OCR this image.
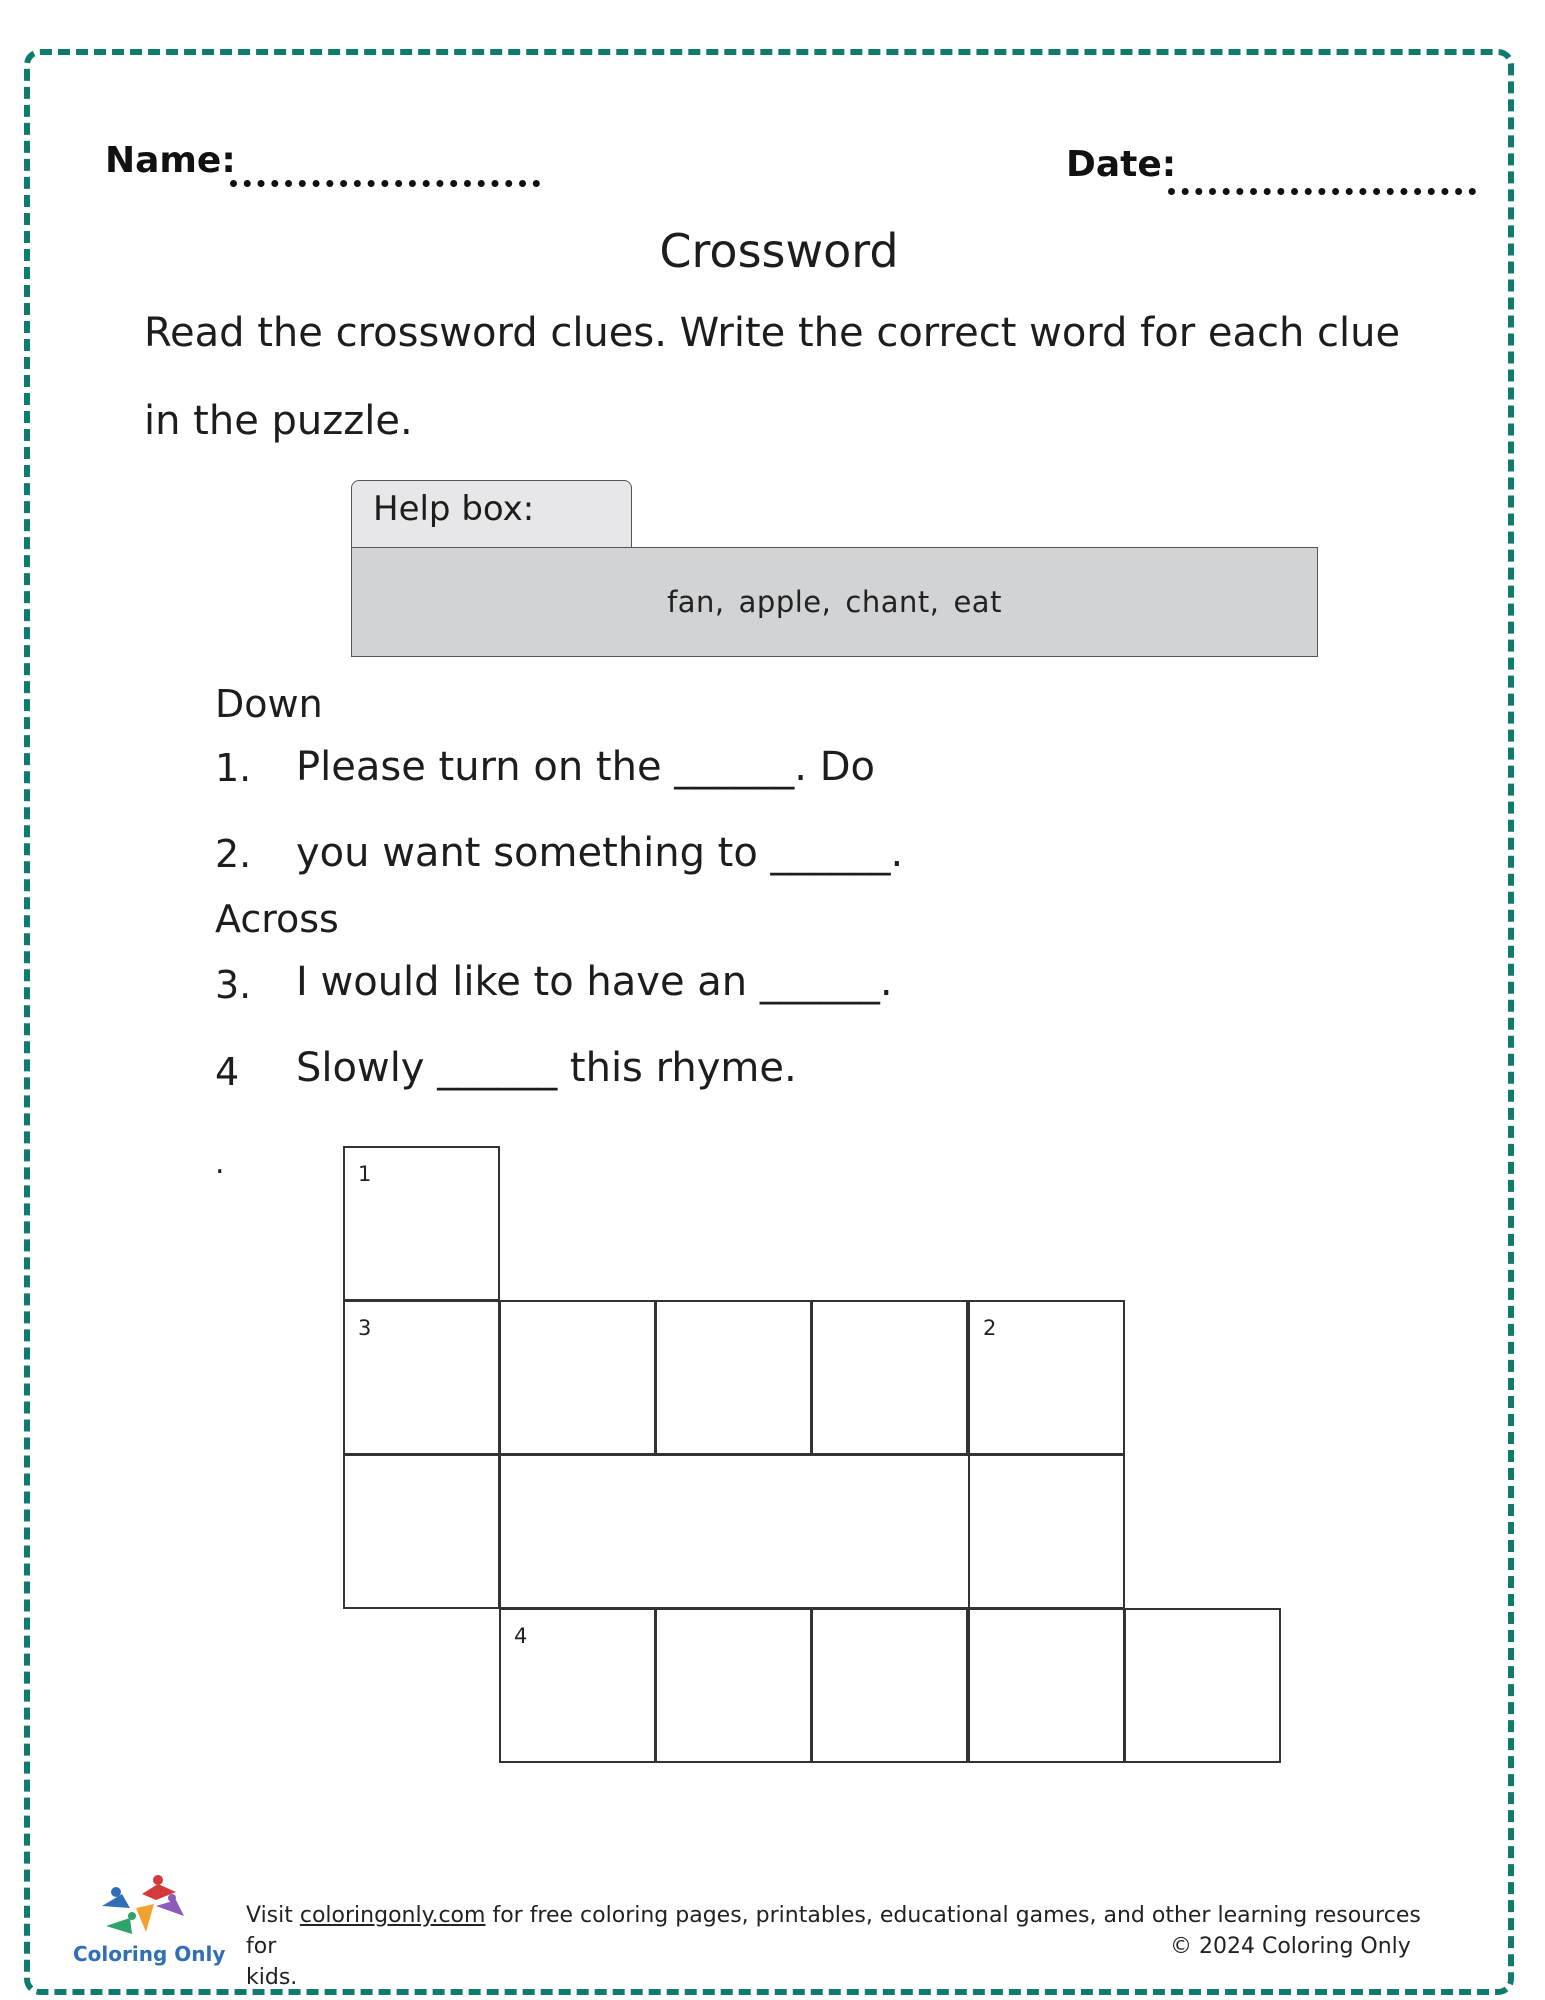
Name:	Date:
Crossword
Read the crossword clues. Write the correct word for each clue
in the puzzle.
Help box:
fan, apple, chant, eat
Down
1. Please turn on the ______. Do
2. you want something to ______.
Across
3. I would like to have an ______.
4 Slowly ______ this rhyme.
.	1
3	2
4
Coloring Only
Visit coloringonly.com for free coloring pages, printables, educational games, and other learning resources for
kids.
© 2024 Coloring Only
